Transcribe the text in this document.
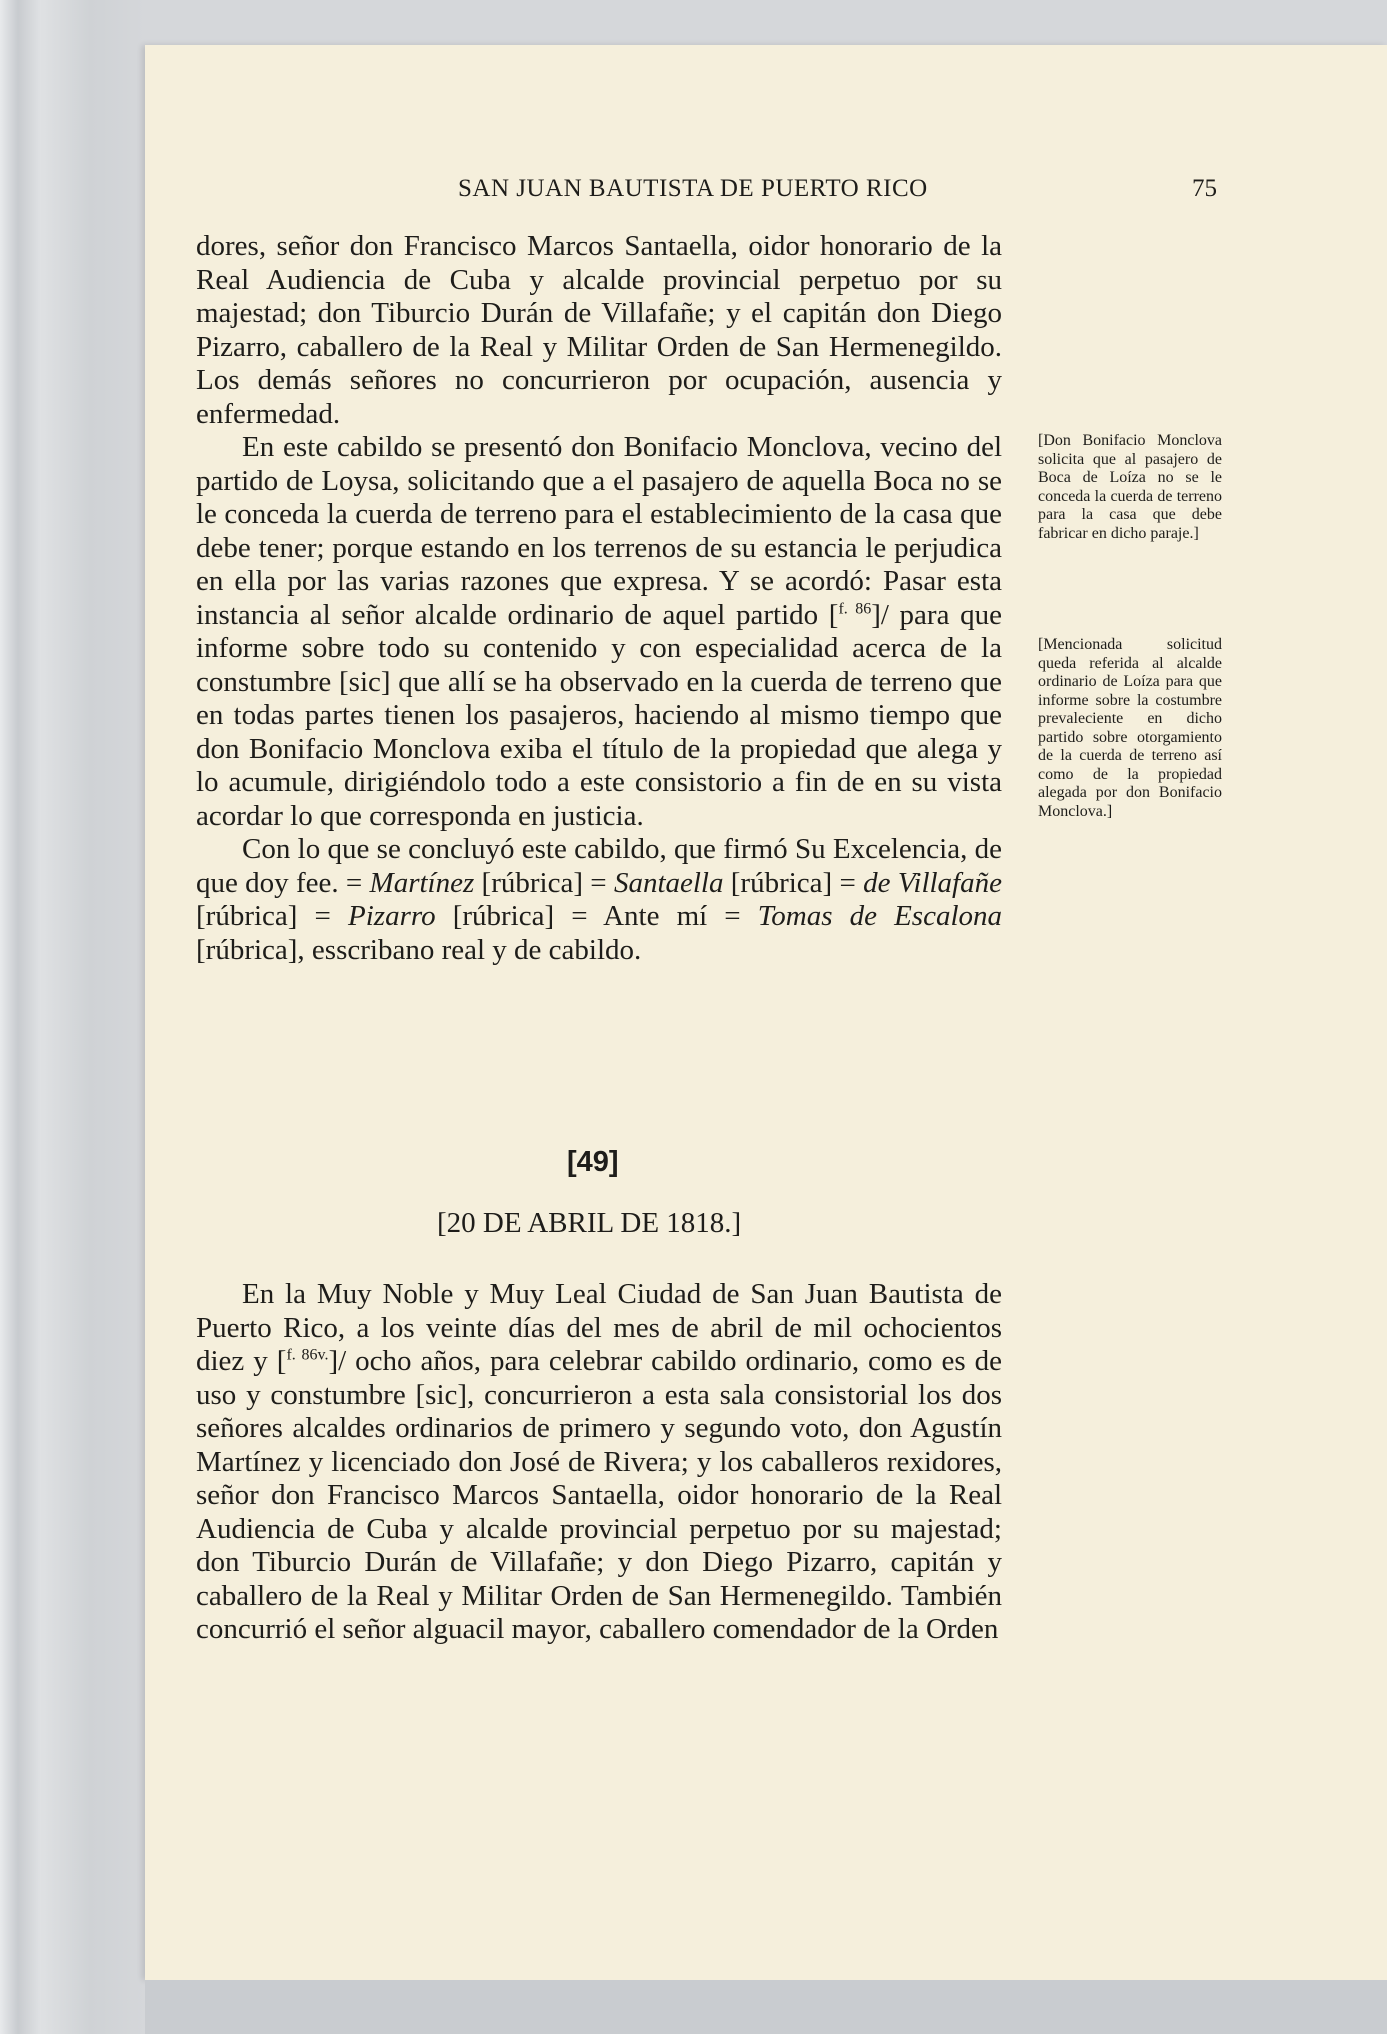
SAN JUAN BAUTISTA DE PUERTO RICO	75

dores, señor don Francisco Marcos Santaella, oidor honorario de la Real Audiencia de Cuba y alcalde provincial perpetuo por su majestad; don Tiburcio Durán de Villafañe; y el capitán don Diego Pizarro, caballero de la Real y Militar Orden de San Hermenegildo. Los demás señores no concurrieron por ocupación, ausencia y enfermedad.

En este cabildo se presentó don Bonifacio Monclova, vecino del partido de Loysa, solicitando que a el pasajero de aquella Boca no se le conceda la cuerda de terreno para el establecimiento de la casa que debe tener; porque estando en los terrenos de su estancia le perjudica en ella por las varias razones que expresa. Y se acordó: Pasar esta instancia al señor alcalde ordinario de aquel partido [$^{f. 86}$]/ para que informe sobre todo su contenido y con especialidad acerca de la constumbre [sic] que allí se ha observado en la cuerda de terreno que en todas partes tienen los pasajeros, haciendo al mismo tiempo que don Bonifacio Monclova exiba el título de la propiedad que alega y lo acumule, dirigiéndolo todo a este consistorio a fin de en su vista acordar lo que corresponda en justicia.

Con lo que se concluyó este cabildo, que firmó Su Excelencia, de que doy fee. = Martínez [rúbrica] = Santaella [rúbrica] = de Villafañe [rúbrica] = Pizarro [rúbrica] = Ante mí = Tomas de Escalona [rúbrica], esscribano real y de cabildo.

[Don Bonifacio Monclova solicita que al pasajero de Boca de Loíza no se le conceda la cuerda de terreno para la casa que debe fabricar en dicho paraje.]
[Mencionada solicitud queda referida al alcalde ordinario de Loíza para que informe sobre la costumbre prevaleciente en dicho partido sobre otorgamiento de la cuerda de terreno así como de la propiedad alegada por don Bonifacio Monclova.]
[49]
[20 DE ABRIL DE 1818.]

En la Muy Noble y Muy Leal Ciudad de San Juan Bautista de Puerto Rico, a los veinte días del mes de abril de mil ochocientos diez y [$^{f. 86v.}$]/ ocho años, para celebrar cabildo ordinario, como es de uso y constumbre [sic], concurrieron a esta sala consistorial los dos señores alcaldes ordinarios de primero y segundo voto, don Agustín Martínez y licenciado don José de Rivera; y los caballeros rexidores, señor don Francisco Marcos Santaella, oidor honorario de la Real Audiencia de Cuba y alcalde provincial perpetuo por su majestad; don Tiburcio Durán de Villafañe; y don Diego Pizarro, capitán y caballero de la Real y Militar Orden de San Hermenegildo. También concurrió el señor alguacil mayor, caballero comendador de la Orden
